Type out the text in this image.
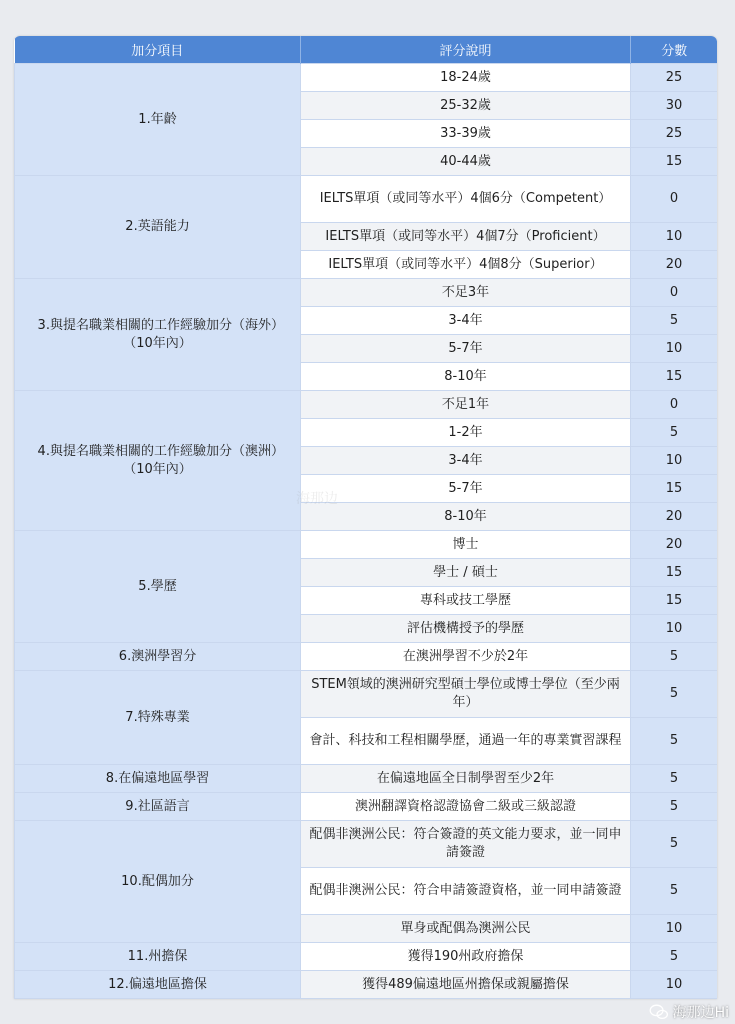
加分項目	評分說明	分數
1.年齡	18-24歲	25
	25-32歲	30
	33-39歲	25
	40-44歲	15
2.英語能力	IELTS單項（或同等水平）4個6分（Competent）	0
	IELTS單項（或同等水平）4個7分（Proficient）	10
	IELTS單項（或同等水平）4個8分（Superior）	20
3.與提名職業相關的工作經驗加分（海外）（10年內）	不足3年	0
	3-4年	5
	5-7年	10
	8-10年	15
4.與提名職業相關的工作經驗加分（澳洲）（10年內）	不足1年	0
	1-2年	5
	3-4年	10
	5-7年	15
	8-10年	20
5.學歷	博士	20
	學士 / 碩士	15
	專科或技工學歷	15
	評估機構授予的學歷	10
6.澳洲學習分	在澳洲學習不少於2年	5
7.特殊專業	STEM領域的澳洲研究型碩士學位或博士學位（至少兩年）	5
	會計、科技和工程相關學歷，通過一年的專業實習課程	5
8.在偏遠地區學習	在偏遠地區全日制學習至少2年	5
9.社區語言	澳洲翻譯資格認證協會二級或三級認證	5
10.配偶加分	配偶非澳洲公民：符合簽證的英文能力要求，並一同申請簽證	5
	配偶非澳洲公民：符合申請簽證資格，並一同申請簽證	5
	單身或配偶為澳洲公民	10
11.州擔保	獲得190州政府擔保	5
12.偏遠地區擔保	獲得489偏遠地區州擔保或親屬擔保	10
海那边Hi
